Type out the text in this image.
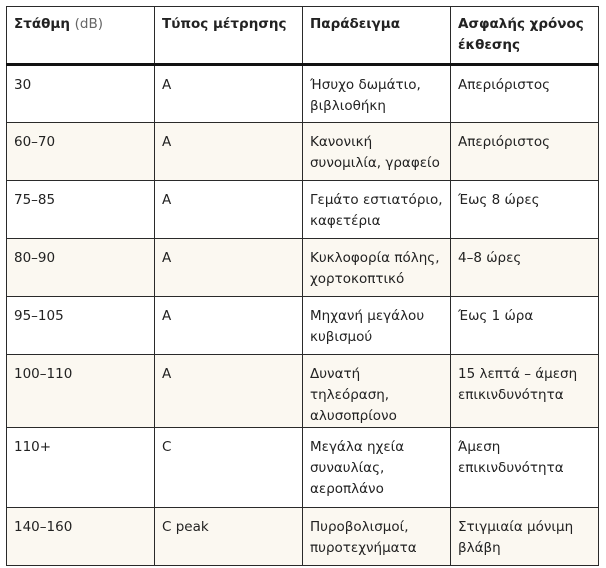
Στάθμη (dB)	Τύπος μέτρησης	Παράδειγμα	Ασφαλής χρόνος έκθεσης
30	A	Ήσυχο δωμάτιο, βιβλιοθήκη	Απεριόριστος
60–70	A	Κανονική συνομιλία, γραφείο	Απεριόριστος
75–85	A	Γεμάτο εστιατόριο, καφετέρια	Έως 8 ώρες
80–90	A	Κυκλοφορία πόλης, χορτοκοπτικό	4–8 ώρες
95–105	A	Μηχανή μεγάλου κυβισμού	Έως 1 ώρα
100–110	A	Δυνατή τηλεόραση, αλυσοπρίονο	15 λεπτά – άμεση επικινδυνότητα
110+	C	Μεγάλα ηχεία συναυλίας, αεροπλάνο	Άμεση επικινδυνότητα
140–160	C peak	Πυροβολισμοί, πυροτεχνήματα	Στιγμιαία μόνιμη βλάβη
